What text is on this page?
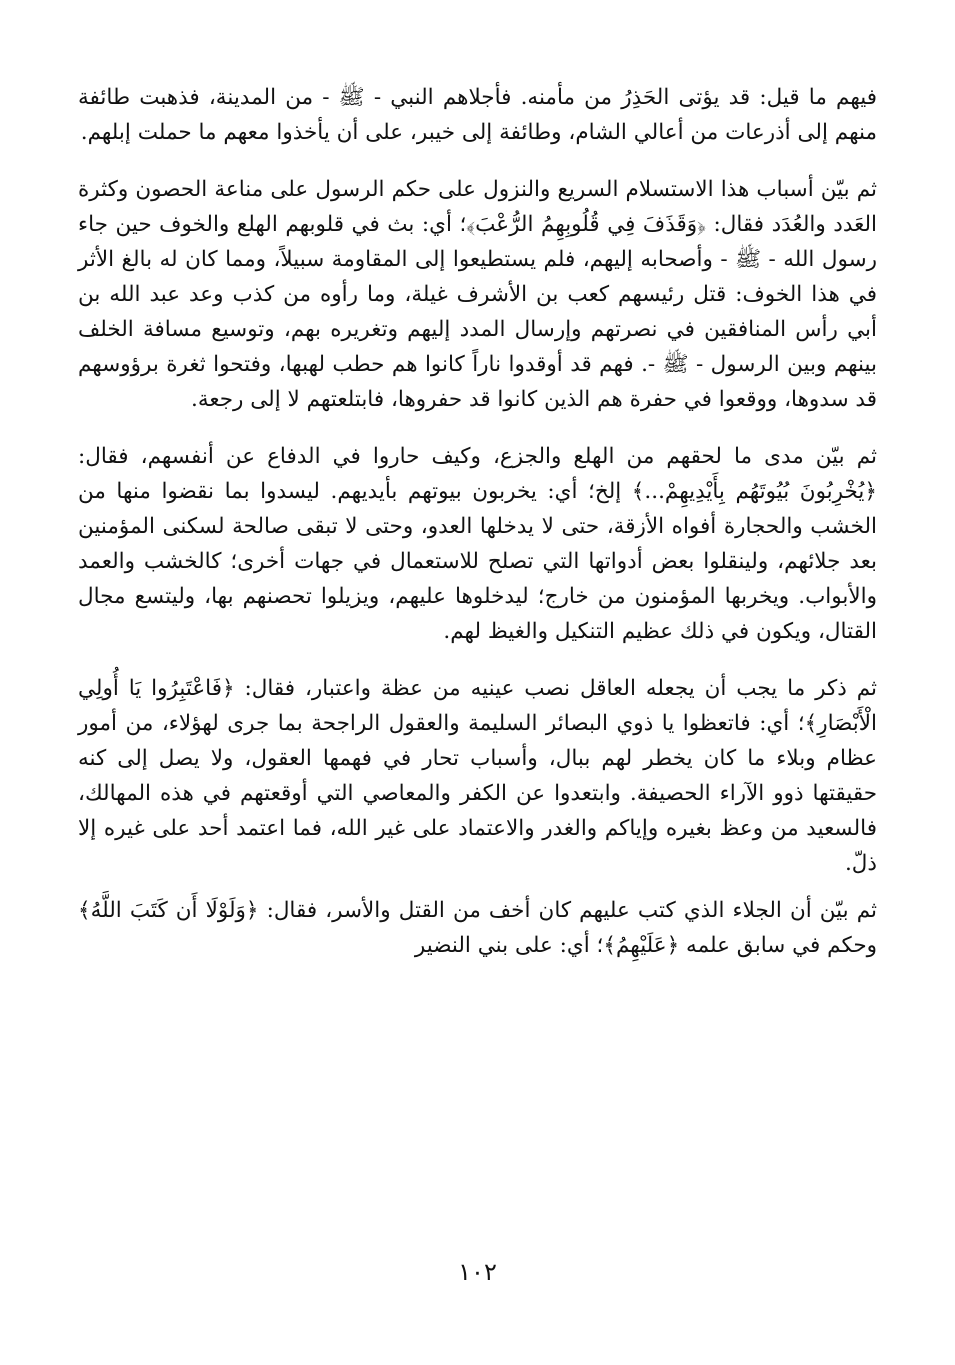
فيهم ما قيل: قد يؤتى الحَذِرُ من مأمنه. فأجلاهم النبي - ﷺ - من المدينة، فذهبت طائفة منهم إلى أذرعات من أعالي الشام، وطائفة إلى خيبر، على أن يأخذوا معهم ما حملت إبلهم.

ثم بيّن أسباب هذا الاستسلام السريع والنزول على حكم الرسول على مناعة الحصون وكثرة العَدد والعُدَد فقال: ﴿وَقَذَفَ فِي قُلُوبِهِمُ الرُّعْبَ﴾؛ أي: بث في قلوبهم الهلع والخوف حين جاء رسول الله - ﷺ - وأصحابه إليهم، فلم يستطيعوا إلى المقاومة سبيلاً، ومما كان له بالغ الأثر في هذا الخوف: قتل رئيسهم كعب بن الأشرف غيلة، وما رأوه من كذب وعد عبد الله بن أبي رأس المنافقين في نصرتهم وإرسال المدد إليهم وتغريره بهم، وتوسيع مسافة الخلف بينهم وبين الرسول - ﷺ -. فهم قد أوقدوا ناراً كانوا هم حطب لهبها، وفتحوا ثغرة برؤوسهم قد سدوها، ووقعوا في حفرة هم الذين كانوا قد حفروها، فابتلعتهم لا إلى رجعة.

ثم بيّن مدى ما لحقهم من الهلع والجزع، وكيف حاروا في الدفاع عن أنفسهم، فقال: ﴿يُخْرِبُونَ بُيُوتَهُم بِأَيْدِيهِمْ...﴾ إلخ؛ أي: يخربون بيوتهم بأيديهم. ليسدوا بما نقضوا منها من الخشب والحجارة أفواه الأزقة، حتى لا يدخلها العدو، وحتى لا تبقى صالحة لسكنى المؤمنين بعد جلائهم، ولينقلوا بعض أدواتها التي تصلح للاستعمال في جهات أخرى؛ كالخشب والعمد والأبواب. ويخربها المؤمنون من خارج؛ ليدخلوها عليهم، ويزيلوا تحصنهم بها، وليتسع مجال القتال، ويكون في ذلك عظيم التنكيل والغيظ لهم.

ثم ذكر ما يجب أن يجعله العاقل نصب عينيه من عظة واعتبار، فقال: ﴿فَاعْتَبِرُوا يَا أُولِي الْأَبْصَارِ﴾؛ أي: فاتعظوا يا ذوي البصائر السليمة والعقول الراجحة بما جرى لهؤلاء، من أمور عظام وبلاء ما كان يخطر لهم ببال، وأسباب تحار في فهمها العقول، ولا يصل إلى كنه حقيقتها ذوو الآراء الحصيفة. وابتعدوا عن الكفر والمعاصي التي أوقعتهم في هذه المهالك، فالسعيد من وعظ بغيره وإياكم والغدر والاعتماد على غير الله، فما اعتمد أحد على غيره إلا ذلّ.

ثم بيّن أن الجلاء الذي كتب عليهم كان أخف من القتل والأسر، فقال: ﴿وَلَوْلَا أَن كَتَبَ اللَّهُ﴾ وحكم في سابق علمه ﴿عَلَيْهِمُ﴾؛ أي: على بني النضير

١٠٢
